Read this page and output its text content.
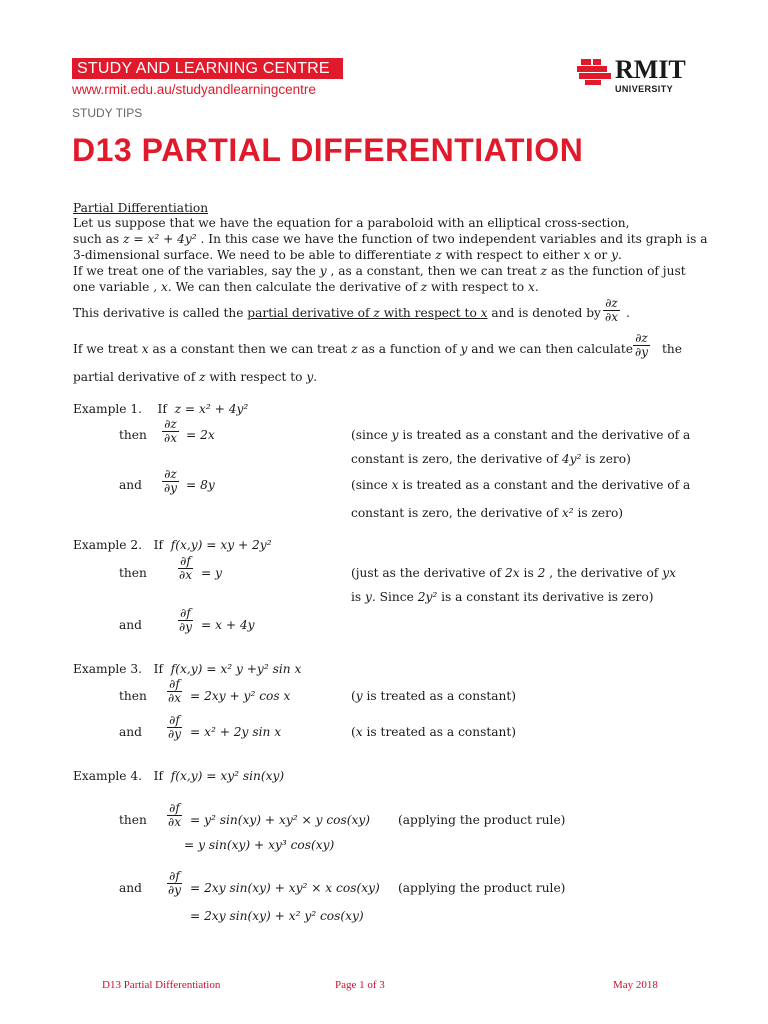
STUDY AND LEARNING CENTRE
www.rmit.edu.au/studyandlearningcentre
STUDY TIPS
D13 PARTIAL DIFFERENTIATION
RMIT
UNIVERSITY
Partial Differentiation
Let us suppose that we have the equation for a paraboloid with an elliptical cross-section,
such as z = x² + 4y² . In this case we have the function of two independent variables and its graph is a
3-dimensional surface. We need to be able to differentiate z with respect to either x or y.
If we treat one of the variables, say the y , as a constant, then we can treat z as the function of just
one variable , x. We can then calculate the derivative of z with respect to x.
This derivative is called the partial derivative of z with respect to x and is denoted by $\frac{\partial z}{\partial x}$ .
If we treat x as a constant then we can treat z as a function of y and we can then calculate $\frac{\partial z}{\partial y}$ the
partial derivative of z with respect to y.
Example 1. If z = x² + 4y²
then $\frac{\partial z}{\partial x} = 2x$	(since y is treated as a constant and the derivative of a
constant is zero, the derivative of 4y² is zero)
and $\frac{\partial z}{\partial y} = 8y$	(since x is treated as a constant and the derivative of a
constant is zero, the derivative of x² is zero)
Example 2. If f(x,y) = xy + 2y²
then	$\frac{\partial f}{\partial x} = y$	(just as the derivative of 2x is 2 , the derivative of yx
is y. Since 2y² is a constant its derivative is zero)
and	$\frac{\partial f}{\partial y} = x + 4y$
Example 3. If f(x,y) = x² y +y² sin x
then $\frac{\partial f}{\partial x} = 2xy + y^2$ cos x	(y is treated as a constant)
and $\frac{\partial f}{\partial y} = x^2 + 2y$ sin x	(x is treated as a constant)
Example 4. If f(x,y) = xy² sin(xy)
then $\frac{\partial f}{\partial x} = y^2$ sin(xy) + xy² × y cos(xy) (applying the product rule)
= y sin(xy) + xy³ cos(xy)
and $\frac{\partial f}{\partial y} = 2xy$ sin(xy) + xy² × x cos(xy) (applying the product rule)
= 2xy sin(xy) + x² y² cos(xy)
D13 Partial Differentiation	Page 1 of 3	May 2018
